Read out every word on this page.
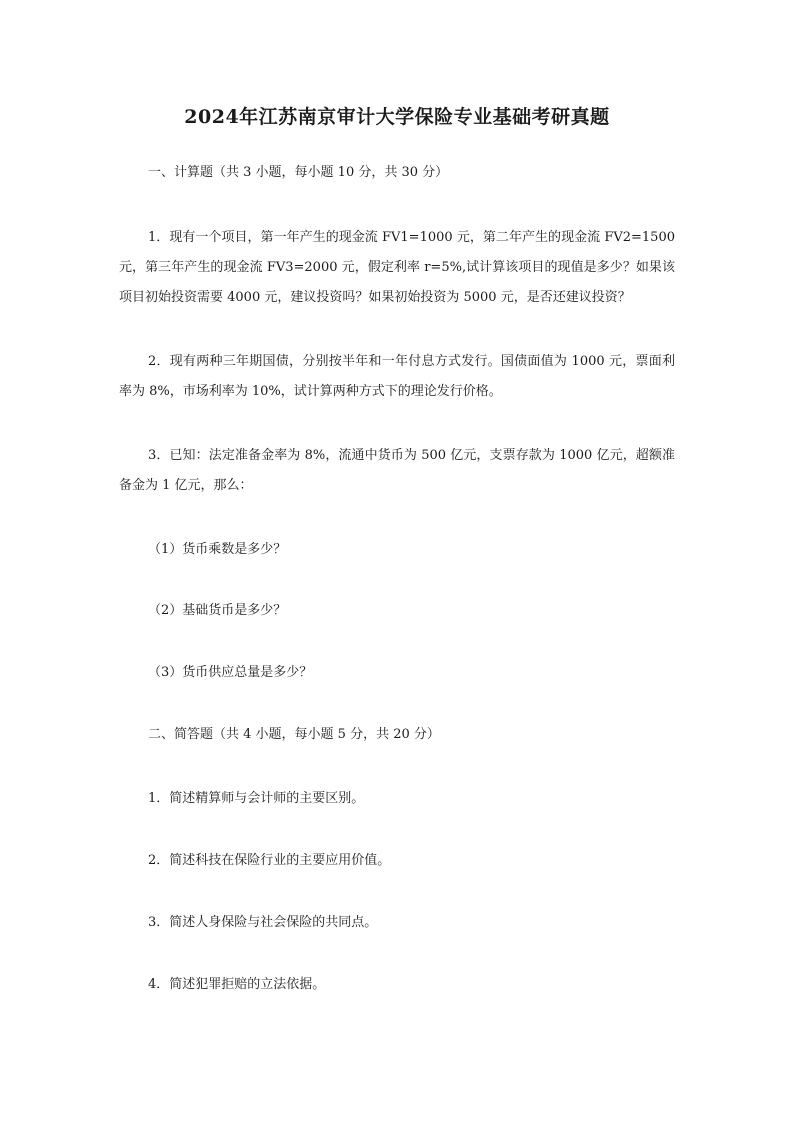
2024年江苏南京审计大学保险专业基础考研真题

一、计算题（共 3 小题，每小题 10 分，共 30 分）

1．现有一个项目，第一年产生的现金流 FV1=1000 元，第二年产生的现金流 FV2=1500 元，第三年产生的现金流 FV3=2000 元，假定利率 r=5%,试计算该项目的现值是多少？如果该项目初始投资需要 4000 元，建议投资吗？如果初始投资为 5000 元，是否还建议投资？

2．现有两种三年期国债，分别按半年和一年付息方式发行。国债面值为 1000 元，票面利率为 8%，市场利率为 10%，试计算两种方式下的理论发行价格。

3．已知：法定准备金率为 8%，流通中货币为 500 亿元，支票存款为 1000 亿元，超额准备金为 1 亿元，那么：

（1）货币乘数是多少？

（2）基础货币是多少？

（3）货币供应总量是多少？

二、简答题（共 4 小题，每小题 5 分，共 20 分）

1．简述精算师与会计师的主要区别。

2．简述科技在保险行业的主要应用价值。

3．简述人身保险与社会保险的共同点。

4．简述犯罪拒赔的立法依据。
